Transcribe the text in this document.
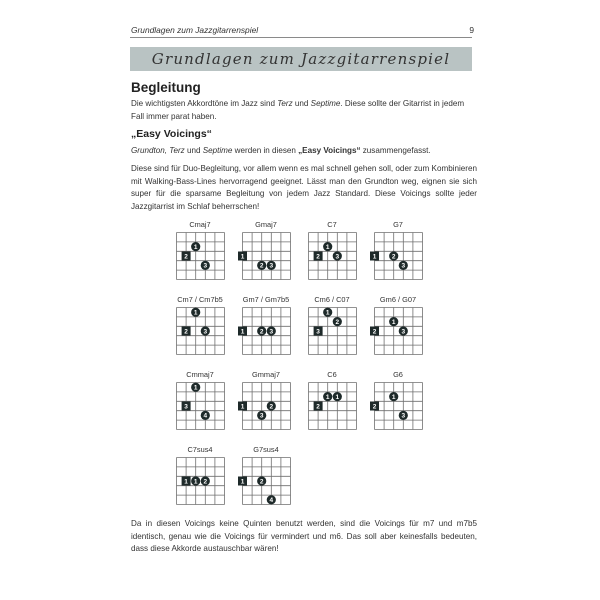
Grundlagen zum Jazzgitarrenspiel	9
Grundlagen zum Jazzgitarrenspiel
Begleitung
Die wichtigsten Akkordtöne im Jazz sind Terz und Septime. Diese sollte der Gitarrist in jedem Fall immer parat haben.
„Easy Voicings“
Grundton, Terz und Septime werden in diesen „Easy Voicings“ zusammengefasst.
Diese sind für Duo-Begleitung, vor allem wenn es mal schnell gehen soll, oder zum Kombinieren mit Walking-Bass-Lines hervorragend geeignet. Lässt man den Grundton weg, eignen sie sich super für die sparsame Begleitung von jedem Jazz Standard. Diese Voicings sollte jeder Jazzgitarrist im Schlaf beherrschen!
Cmaj7
1
2
3
Gmaj7
1
2 3
C7
1
2 3
G7
1 2
3
Cm7 / Cm7b5
1
2 3
Gm7 / Gm7b5
1 2 3
Cm6 / C07
1
2
3
Gm6 / G07
1
2	3
Cmmaj7
1
3
4
Gmmaj7
1	2
3
C6
1 1
2
G6
1
2
3
C7sus4
1 1 2
G7sus4
1 2
4
Da in diesen Voicings keine Quinten benutzt werden, sind die Voicings für m7 und m7b5 identisch, genau wie die Voicings für vermindert und m6. Das soll aber keinesfalls bedeuten, dass diese Akkorde austauschbar wären!
